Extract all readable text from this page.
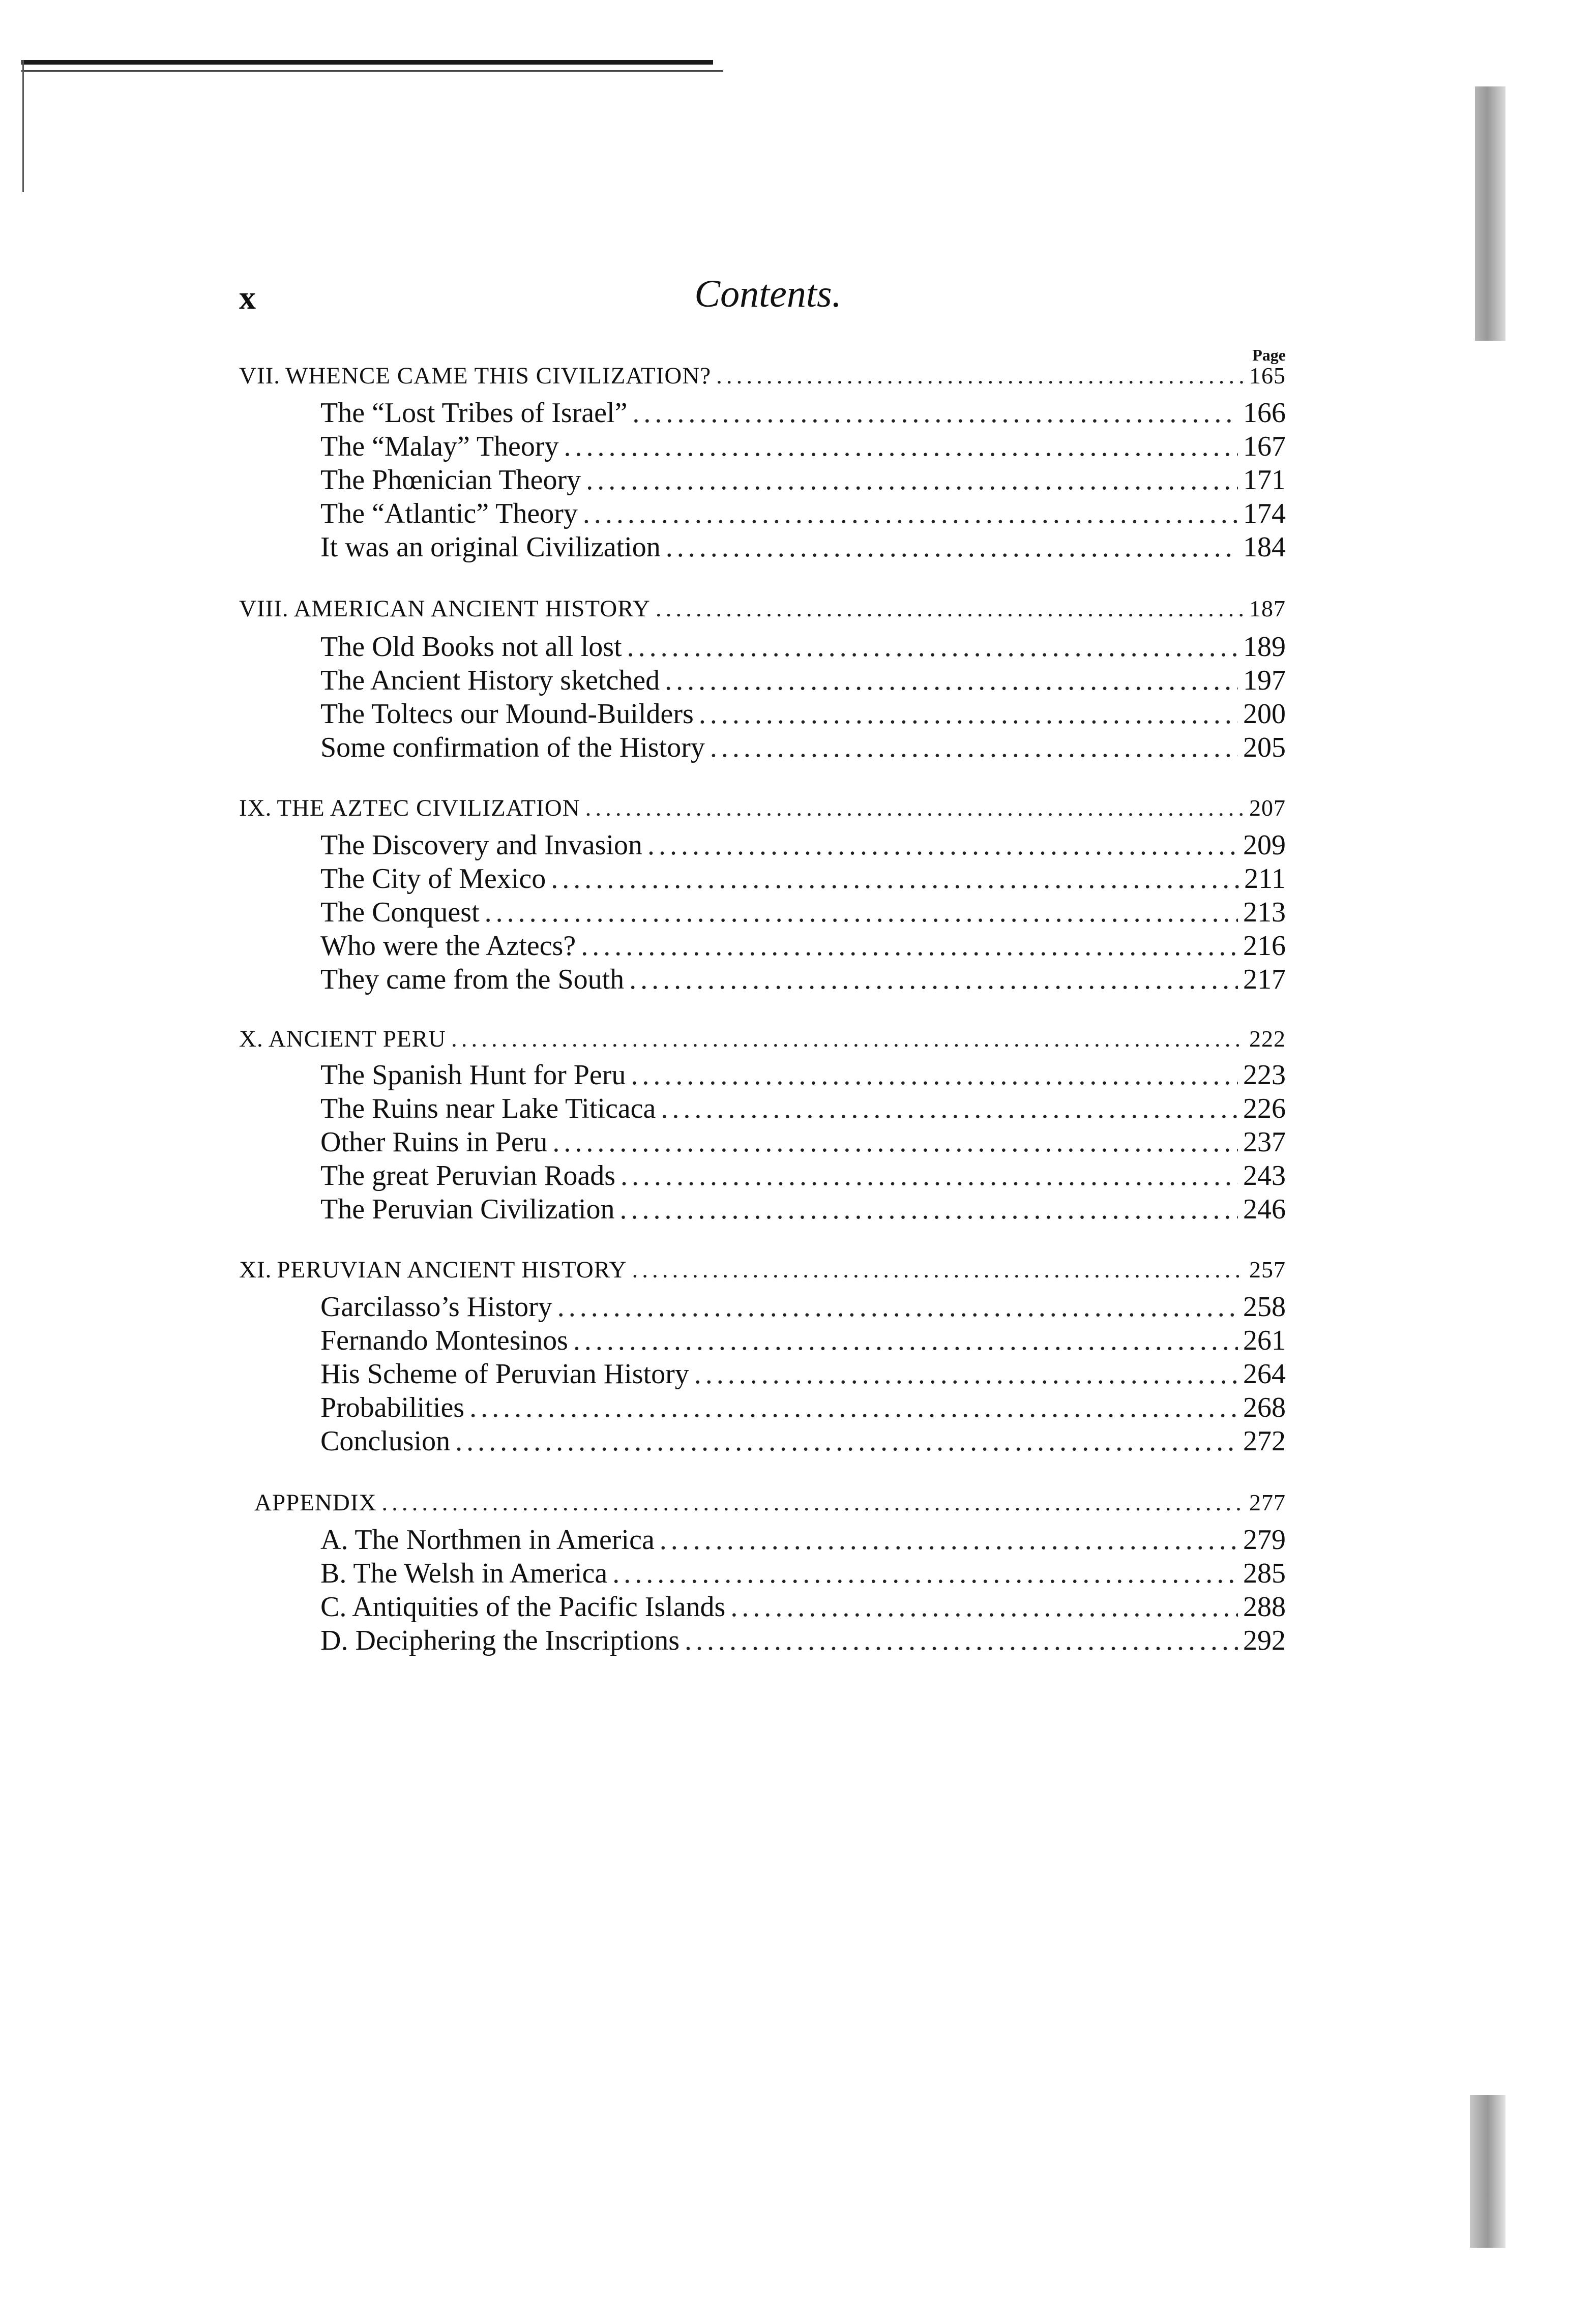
x	Contents.
Page
VII. WHENCE CAME THIS CIVILIZATION? .....	165
The “Lost Tribes of Israel” .....	166
The “Malay” Theory .....	167
The Phœnician Theory .....	171
The “Atlantic” Theory .....	174
It was an original Civilization .....	184
VIII. AMERICAN ANCIENT HISTORY .....	187
The Old Books not all lost .....	189
The Ancient History sketched .....	197
The Toltecs our Mound-Builders .....	200
Some confirmation of the History .....	205
IX. THE AZTEC CIVILIZATION .....	207
The Discovery and Invasion .....	209
The City of Mexico .....	211
The Conquest .....	213
Who were the Aztecs? .....	216
They came from the South .....	217
X. ANCIENT PERU .....	222
The Spanish Hunt for Peru .....	223
The Ruins near Lake Titicaca .....	226
Other Ruins in Peru .....	237
The great Peruvian Roads .....	243
The Peruvian Civilization .....	246
XI. PERUVIAN ANCIENT HISTORY .....	257
Garcilasso’s History .....	258
Fernando Montesinos .....	261
His Scheme of Peruvian History .....	264
Probabilities .....	268
Conclusion .....	272
APPENDIX .....	277
A. The Northmen in America .....	279
B. The Welsh in America .....	285
C. Antiquities of the Pacific Islands .....	288
D. Deciphering the Inscriptions .....	292
